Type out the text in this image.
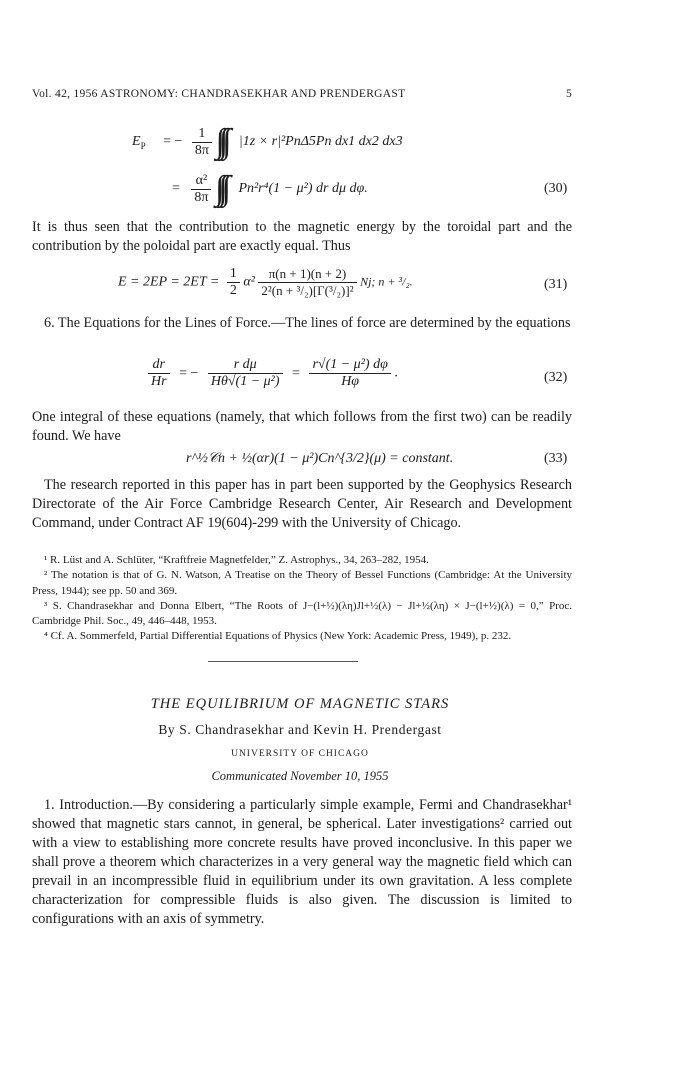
Vol. 42, 1956 ASTRONOMY: CHANDRASEKHAR AND PRENDERGAST	5
$E_P$ = − $\frac{1}{8\pi}$ ∫∫∫ |1z × r|²PnΔ5Pn dx1 dx2 dx3
= $\frac{\text{α²}}{8\pi}$ ∫∫∫ Pn²r⁴(1 − μ²) dr dμ dφ.	(30)

It is thus seen that the contribution to the magnetic energy by the toroidal part and the contribution by the poloidal part are exactly equal. Thus

$E = 2EP = 2ET = \frac{1}{2} \alpha^2 \frac{\pi(n + 1)(n + 2)}{\text{2²(n + ³/₂)[Γ(³/₂)]²}} Nj$; n + ³/₂.	(31)

6. The Equations for the Lines of Force.—The lines of force are determined by the equations

$\frac{dr}{Hr}$ = − $\frac{\text{r dμ}}{\text{Hθ√(1 − μ²)}} = \frac{\text{r√(1 − μ²) dφ}}{H\varphi}$ .	(32)

One integral of these equations (namely, that which follows from the first two) can be readily found. We have

r^½𝒞n + ½(αr)(1 − μ²)Cn^{3/2}(μ) = constant.	(33)

The research reported in this paper has in part been supported by the Geophysics Research Directorate of the Air Force Cambridge Research Center, Air Research and Development Command, under Contract AF 19(604)-299 with the University of Chicago.

¹ R. Lüst and A. Schlüter, “Kraftfreie Magnetfelder,” Z. Astrophys., 34, 263–282, 1954.

² The notation is that of G. N. Watson, A Treatise on the Theory of Bessel Functions (Cambridge: At the University Press, 1944); see pp. 50 and 369.

³ S. Chandrasekhar and Donna Elbert, “The Roots of J−(l+½)(λη)Jl+½(λ) − Jl+½(λη) × J−(l+½)(λ) = 0,” Proc. Cambridge Phil. Soc., 49, 446–448, 1953.

⁴ Cf. A. Sommerfeld, Partial Differential Equations of Physics (New York: Academic Press, 1949), p. 232.

THE EQUILIBRIUM OF MAGNETIC STARS
By S. Chandrasekhar and Kevin H. Prendergast
UNIVERSITY OF CHICAGO
Communicated November 10, 1955

1. Introduction.—By considering a particularly simple example, Fermi and Chandrasekhar¹ showed that magnetic stars cannot, in general, be spherical. Later investigations² carried out with a view to establishing more concrete results have proved inconclusive. In this paper we shall prove a theorem which characterizes in a very general way the magnetic field which can prevail in an incompressible fluid in equilibrium under its own gravitation. A less complete characterization for compressible fluids is also given. The discussion is limited to configurations with an axis of symmetry.
